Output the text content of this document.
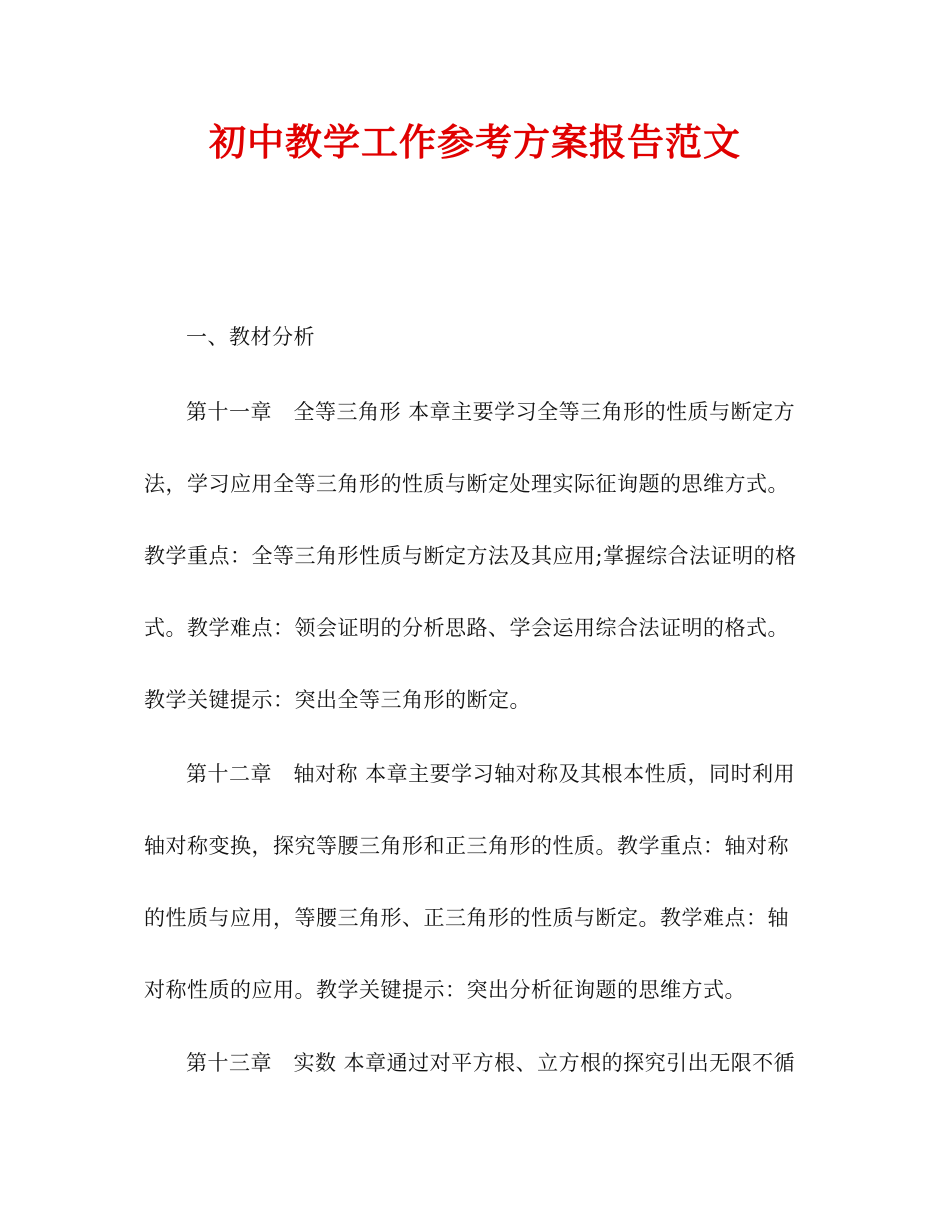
初中教学工作参考方案报告范文
一、教材分析
第十一章　全等三角形 本章主要学习全等三角形的性质与断定方
法，学习应用全等三角形的性质与断定处理实际征询题的思维方式。
教学重点：全等三角形性质与断定方法及其应用;掌握综合法证明的格
式。教学难点：领会证明的分析思路、学会运用综合法证明的格式。
教学关键提示：突出全等三角形的断定。
第十二章　轴对称 本章主要学习轴对称及其根本性质，同时利用
轴对称变换，探究等腰三角形和正三角形的性质。教学重点：轴对称
的性质与应用，等腰三角形、正三角形的性质与断定。教学难点：轴
对称性质的应用。教学关键提示：突出分析征询题的思维方式。
第十三章　实数 本章通过对平方根、立方根的探究引出无限不循
